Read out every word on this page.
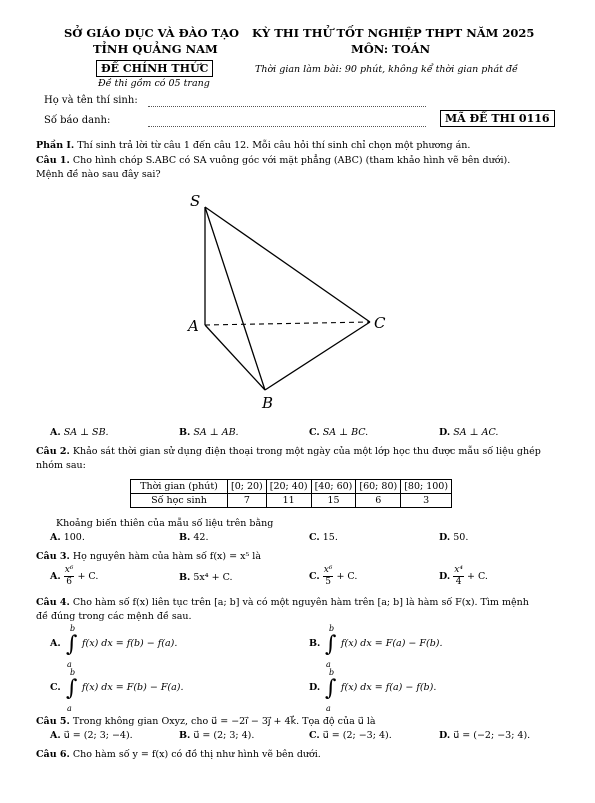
SỞ GIÁO DỤC VÀ ĐÀO TẠO
TỈNH QUẢNG NAM
KỲ THI THỬ TỐT NGHIỆP THPT NĂM 2025
MÔN: TOÁN
ĐỀ CHÍNH THỨC	Thời gian làm bài: 90 phút, không kể thời gian phát đề
Đề thi gồm có 05 trang
Họ và tên thí sinh:
Số báo danh:	MÃ ĐỀ THI 0116
Phần I. Thí sinh trả lời từ câu 1 đến câu 12. Mỗi câu hỏi thí sinh chỉ chọn một phương án.
Câu 1. Cho hình chóp S.ABC có SA vuông góc với mặt phẳng (ABC) (tham khảo hình vẽ bên dưới).
Mệnh đề nào sau đây sai?
S
A
B
C
A. SA ⊥ SB.	B. SA ⊥ AB.	C. SA ⊥ BC.	D. SA ⊥ AC.
Câu 2. Khảo sát thời gian sử dụng điện thoại trong một ngày của một lớp học thu được mẫu số liệu ghép
nhóm sau:
Thời gian (phút)	[0; 20)	[20; 40)	[40; 60)	[60; 80)	[80; 100)
Số học sinh	7	11	15	6	3
Khoảng biến thiên của mẫu số liệu trên bằng
A. 100.	B. 42.	C. 15.	D. 50.
Câu 3. Họ nguyên hàm của hàm số f(x) = x⁵ là
A. $\frac{\text{x⁶}}{6} + C$.	B. 5x⁴ + C.	C. $\frac{\text{x⁶}}{5} + C$.	D. $\frac{\text{x⁴}}{4} + C$.
Câu 4. Cho hàm số f(x) liên tục trên [a; b] và có một nguyên hàm trên [a; b] là hàm số F(x). Tìm mệnh
đề đúng trong các mệnh đề sau.
A.
b
∫
a
f(x) dx = f(b) − f(a).	B.
b
∫
a
f(x) dx = F(a) − F(b).
C.
b
∫
a
f(x) dx = F(b) − F(a).	D.
b
∫
a
f(x) dx = f(a) − f(b).
Câu 5. Trong không gian Oxyz, cho u⃗ = −2i⃗ − 3j⃗ + 4k⃗. Tọa độ của u⃗ là
A. u⃗ = (2; 3; −4).	B. u⃗ = (2; 3; 4).	C. u⃗ = (2; −3; 4).	D. u⃗ = (−2; −3; 4).
Câu 6. Cho hàm số y = f(x) có đồ thị như hình vẽ bên dưới.
